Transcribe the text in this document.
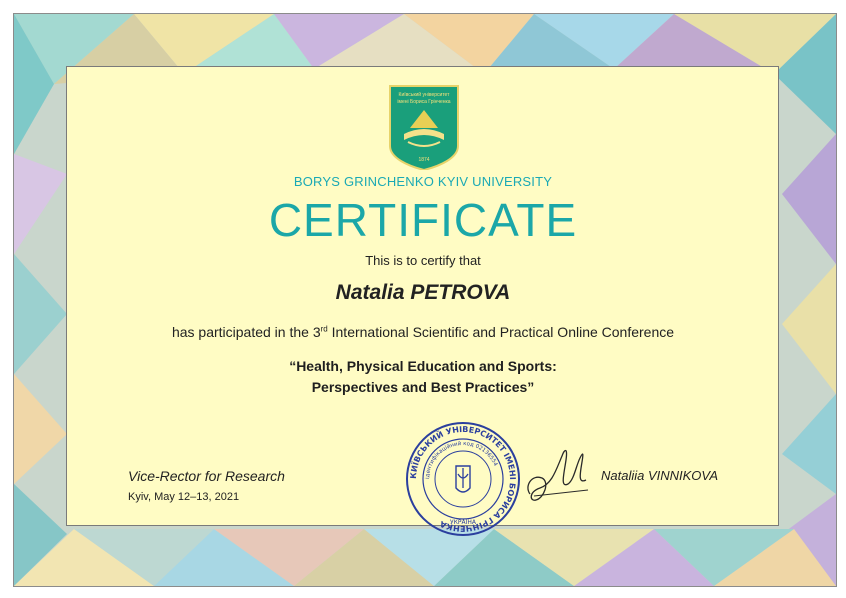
Київський університет
імені Бориса Грінченка
1874
BORYS GRINCHENKO KYIV UNIVERSITY
CERTIFICATE
This is to certify that
Natalia PETROVA
has participated in the 3rd International Scientific and Practical Online Conference
“Health, Physical Education and Sports:
Perspectives and Best Practices”
Vice-Rector for Research
Kyiv, May 12–13, 2021
КИЇВСЬКИЙ УНІВЕРСИТЕТ ІМЕНІ БОРИСА ГРІНЧЕНКА
ідентифікаційний код 02136554
УКРАЇНА
Nataliia VINNIKOVA
